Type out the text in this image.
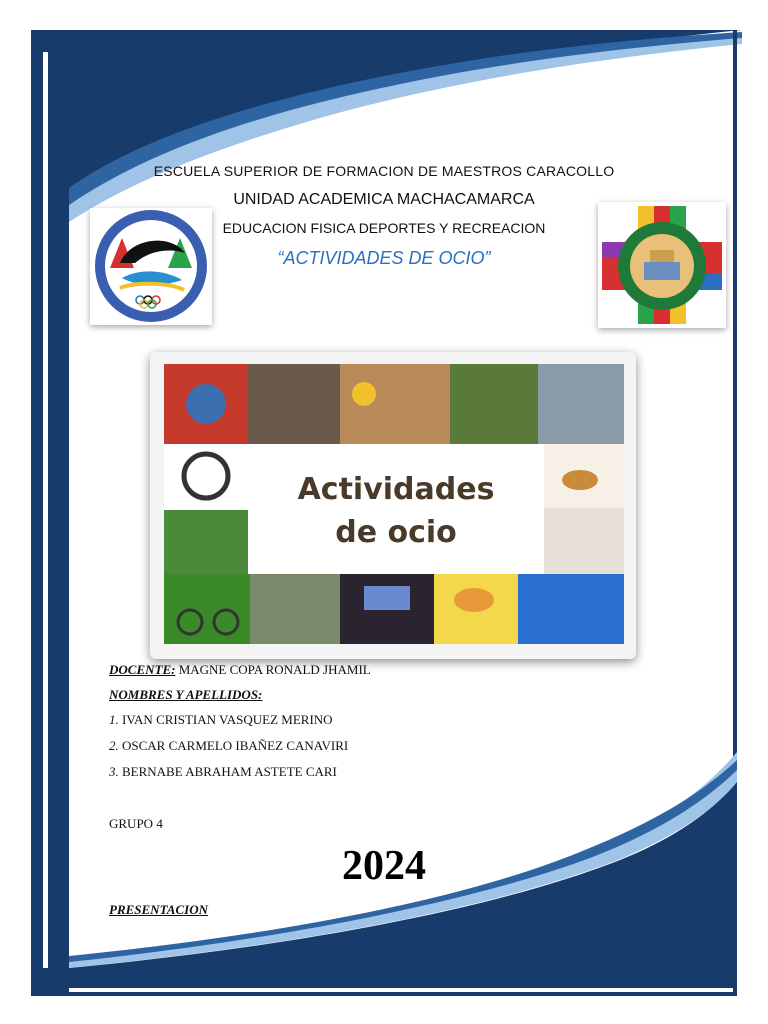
ESCUELA SUPERIOR DE FORMACION DE MAESTROS CARACOLLO
UNIDAD ACADEMICA MACHACAMARCA
EDUCACION FISICA DEPORTES Y RECREACION
“ACTIVIDADES DE OCIO”
Actividades
de ocio
DOCENTE: MAGNE COPA RONALD JHAMIL
NOMBRES Y APELLIDOS:
1. IVAN CRISTIAN VASQUEZ MERINO
2. OSCAR CARMELO IBAÑEZ CANAVIRI
3. BERNABE ABRAHAM ASTETE CARI
GRUPO 4
2024
PRESENTACION
